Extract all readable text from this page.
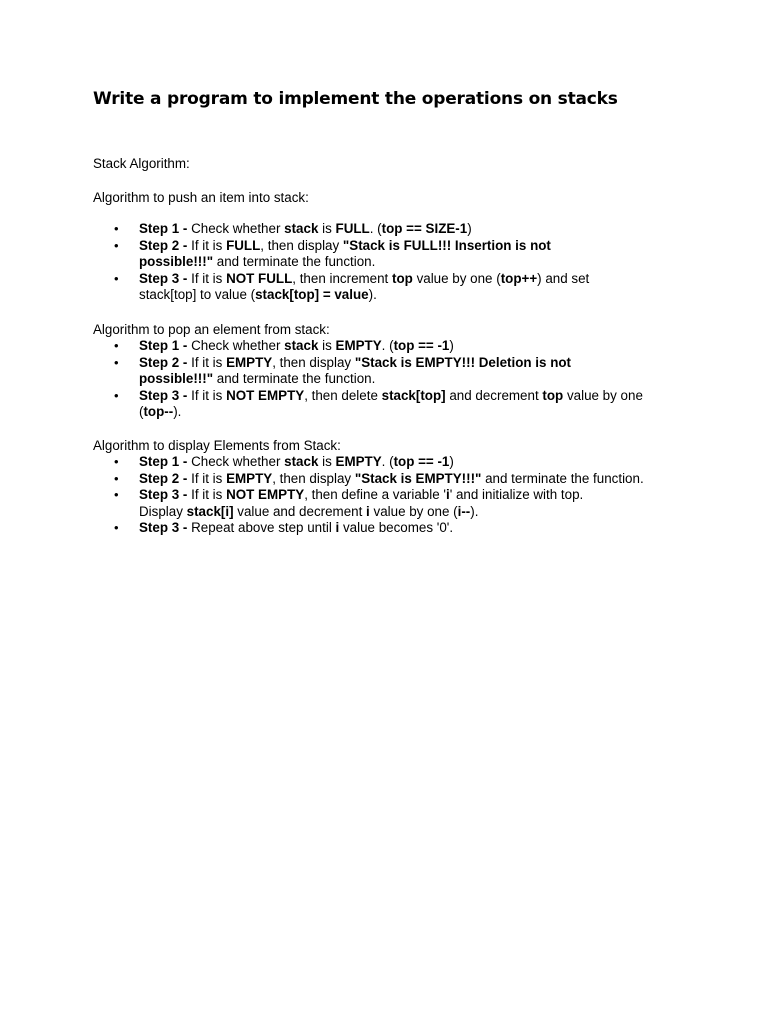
Write a program to implement the operations on stacks

Stack Algorithm:

Algorithm to push an item into stack:

• Step 1 - Check whether stack is FULL. (top == SIZE-1)
• Step 2 - If it is FULL, then display "Stack is FULL!!! Insertion is not
possible!!!" and terminate the function.
• Step 3 - If it is NOT FULL, then increment top value by one (top++) and set
stack[top] to value (stack[top] = value).

Algorithm to pop an element from stack:

• Step 1 - Check whether stack is EMPTY. (top == -1)
• Step 2 - If it is EMPTY, then display "Stack is EMPTY!!! Deletion is not
possible!!!" and terminate the function.
• Step 3 - If it is NOT EMPTY, then delete stack[top] and decrement top value by one
(top--).

Algorithm to display Elements from Stack:

• Step 1 - Check whether stack is EMPTY. (top == -1)
• Step 2 - If it is EMPTY, then display "Stack is EMPTY!!!" and terminate the function.
• Step 3 - If it is NOT EMPTY, then define a variable 'i' and initialize with top.
Display stack[i] value and decrement i value by one (i--).
• Step 3 - Repeat above step until i value becomes '0'.
